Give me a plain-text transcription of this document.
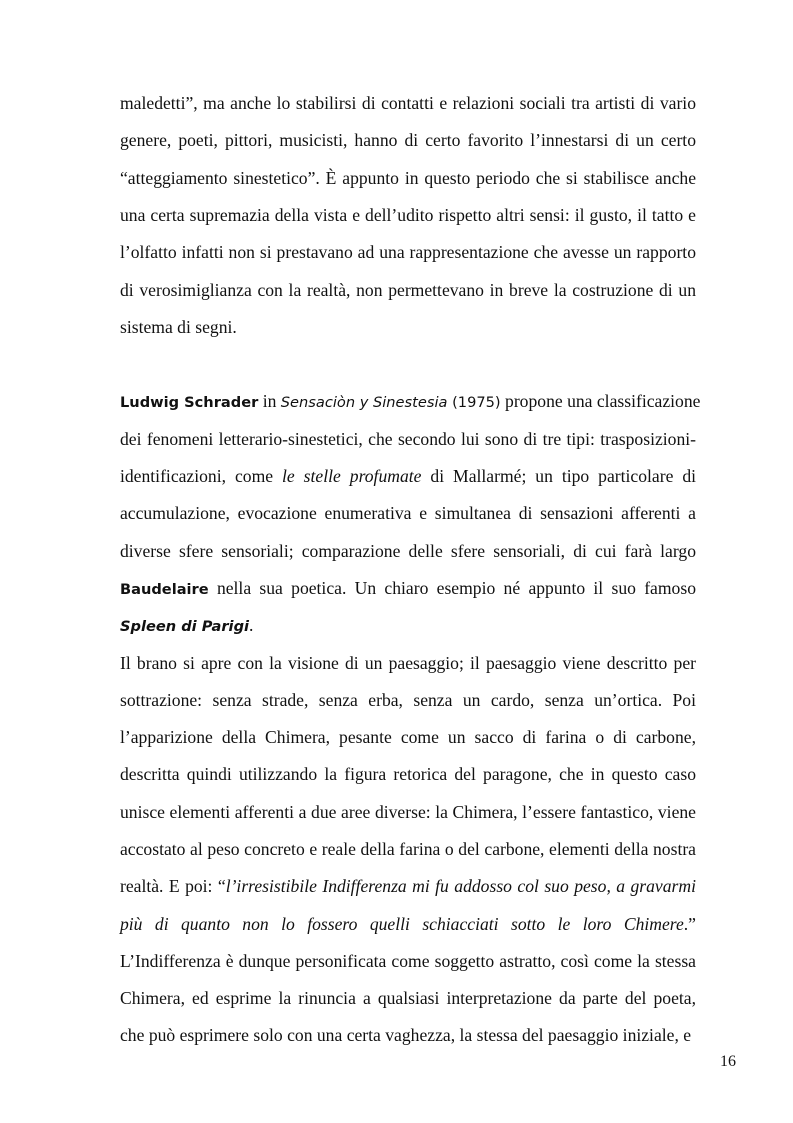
maledetti”, ma anche lo stabilirsi di contatti e relazioni sociali tra artisti di vario
genere, poeti, pittori, musicisti, hanno di certo favorito l’innestarsi di un certo
“atteggiamento sinestetico”. È appunto in questo periodo che si stabilisce anche
una certa supremazia della vista e dell’udito rispetto altri sensi: il gusto, il tatto e
l’olfatto infatti non si prestavano ad una rappresentazione che avesse un rapporto
di verosimiglianza con la realtà, non permettevano in breve la costruzione di un
sistema di segni.
Ludwig Schrader in Sensaciòn y Sinestesia (1975) propone una classificazione
dei fenomeni letterario-sinestetici, che secondo lui sono di tre tipi: trasposizioni-
identificazioni, come le stelle profumate di Mallarmé; un tipo particolare di
accumulazione, evocazione enumerativa e simultanea di sensazioni afferenti a
diverse sfere sensoriali; comparazione delle sfere sensoriali, di cui farà largo
Baudelaire nella sua poetica. Un chiaro esempio né appunto il suo famoso
Spleen di Parigi.
Il brano si apre con la visione di un paesaggio; il paesaggio viene descritto per
sottrazione: senza strade, senza erba, senza un cardo, senza un’ortica. Poi
l’apparizione della Chimera, pesante come un sacco di farina o di carbone,
descritta quindi utilizzando la figura retorica del paragone, che in questo caso
unisce elementi afferenti a due aree diverse: la Chimera, l’essere fantastico, viene
accostato al peso concreto e reale della farina o del carbone, elementi della nostra
realtà. E poi: “l’irresistibile Indifferenza mi fu addosso col suo peso, a gravarmi
più di quanto non lo fossero quelli schiacciati sotto le loro Chimere.”
L’Indifferenza è dunque personificata come soggetto astratto, così come la stessa
Chimera, ed esprime la rinuncia a qualsiasi interpretazione da parte del poeta,
che può esprimere solo con una certa vaghezza, la stessa del paesaggio iniziale, e
16
